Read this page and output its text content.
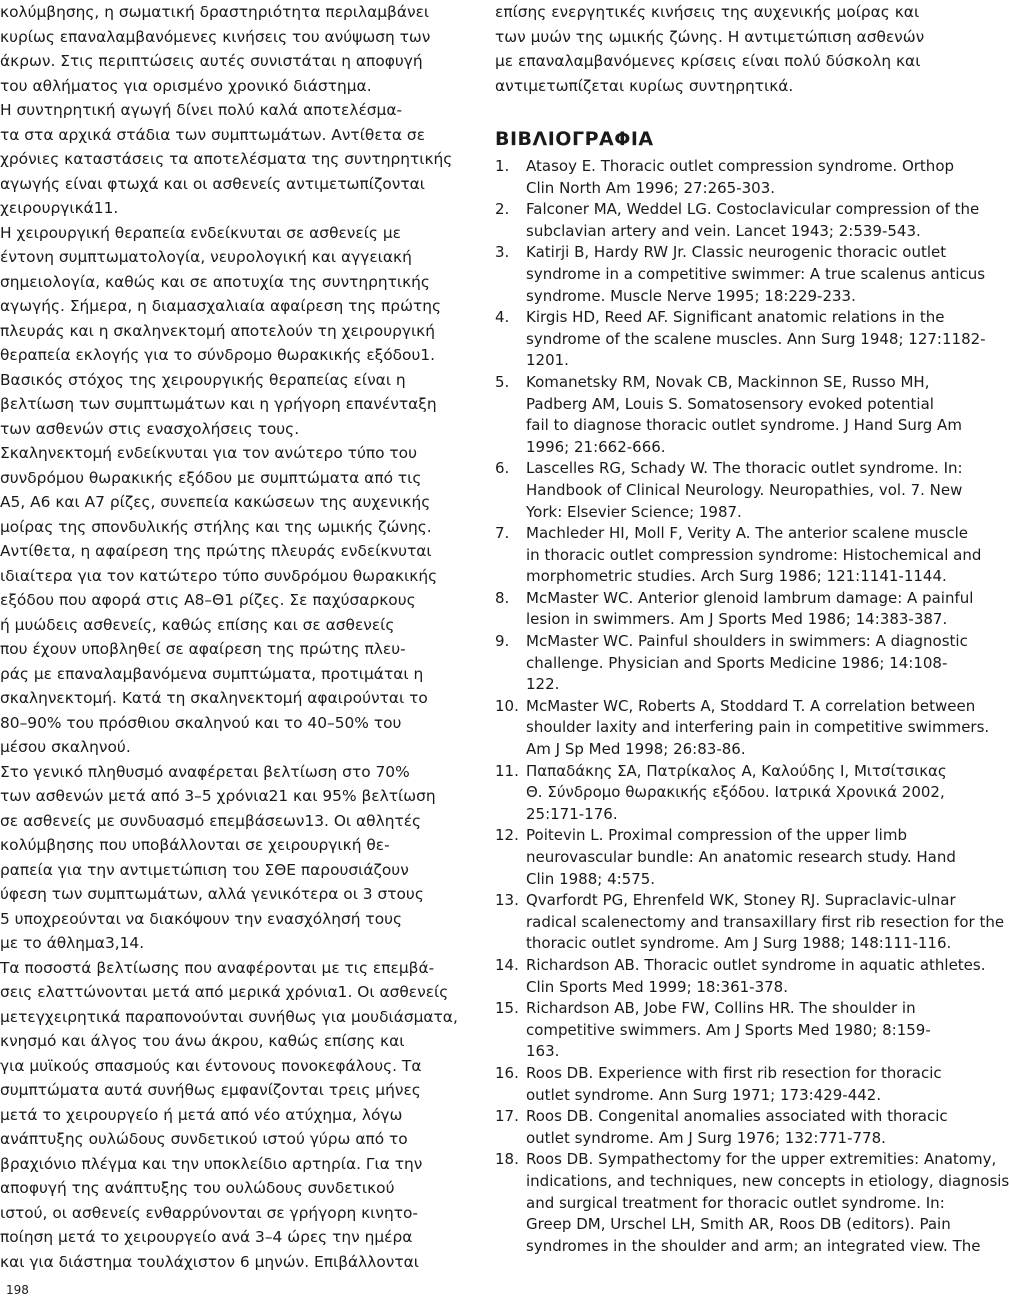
κολύμβησης, η σωματική δραστηριότητα περιλαμβάνει
κυρίως επαναλαμβανόμενες κινήσεις του ανύψωση των
άκρων. Στις περιπτώσεις αυτές συνιστάται η αποφυγή
του αθλήματος για ορισμένο χρονικό διάστημα.
Η συντηρητική αγωγή δίνει πολύ καλά αποτελέσμα-
τα στα αρχικά στάδια των συμπτωμάτων. Αντίθετα σε
χρόνιες καταστάσεις τα αποτελέσματα της συντηρητικής
αγωγής είναι φτωχά και οι ασθενείς αντιμετωπίζονται
χειρουργικά11.
Η χειρουργική θεραπεία ενδείκνυται σε ασθενείς με
έντονη συμπτωματολογία, νευρολογική και αγγειακή
σημειολογία, καθώς και σε αποτυχία της συντηρητικής
αγωγής. Σήμερα, η διαμασχαλιαία αφαίρεση της πρώτης
πλευράς και η σκαληνεκτομή αποτελούν τη χειρουργική
θεραπεία εκλογής για το σύνδρομο θωρακικής εξόδου1.
Βασικός στόχος της χειρουργικής θεραπείας είναι η
βελτίωση των συμπτωμάτων και η γρήγορη επανένταξη
των ασθενών στις ενασχολήσεις τους.
Σκαληνεκτομή ενδείκνυται για τον ανώτερο τύπο του
συνδρόμου θωρακικής εξόδου με συμπτώματα από τις
Α5, Α6 και Α7 ρίζες, συνεπεία κακώσεων της αυχενικής
μοίρας της σπονδυλικής στήλης και της ωμικής ζώνης.
Αντίθετα, η αφαίρεση της πρώτης πλευράς ενδείκνυται
ιδιαίτερα για τον κατώτερο τύπο συνδρόμου θωρακικής
εξόδου που αφορά στις Α8–Θ1 ρίζες. Σε παχύσαρκους
ή μυώδεις ασθενείς, καθώς επίσης και σε ασθενείς
που έχουν υποβληθεί σε αφαίρεση της πρώτης πλευ-
ράς με επαναλαμβανόμενα συμπτώματα, προτιμάται η
σκαληνεκτομή. Κατά τη σκαληνεκτομή αφαιρούνται το
80–90% του πρόσθιου σκαληνού και το 40–50% του
μέσου σκαληνού.
Στο γενικό πληθυσμό αναφέρεται βελτίωση στο 70%
των ασθενών μετά από 3–5 χρόνια21 και 95% βελτίωση
σε ασθενείς με συνδυασμό επεμβάσεων13. Οι αθλητές
κολύμβησης που υποβάλλονται σε χειρουργική θε-
ραπεία για την αντιμετώπιση του ΣΘΕ παρουσιάζουν
ύφεση των συμπτωμάτων, αλλά γενικότερα οι 3 στους
5 υποχρεούνται να διακόψουν την ενασχόλησή τους
με το άθλημα3,14.
Τα ποσοστά βελτίωσης που αναφέρονται με τις επεμβά-
σεις ελαττώνονται μετά από μερικά χρόνια1. Οι ασθενείς
μετεγχειρητικά παραπονούνται συνήθως για μουδιάσματα,
κνησμό και άλγος του άνω άκρου, καθώς επίσης και
για μυϊκούς σπασμούς και έντονους πονοκεφάλους. Τα
συμπτώματα αυτά συνήθως εμφανίζονται τρεις μήνες
μετά το χειρουργείο ή μετά από νέο ατύχημα, λόγω
ανάπτυξης ουλώδους συνδετικού ιστού γύρω από το
βραχιόνιο πλέγμα και την υποκλείδιο αρτηρία. Για την
αποφυγή της ανάπτυξης του ουλώδους συνδετικού
ιστού, οι ασθενείς ενθαρρύνονται σε γρήγορη κινητο-
ποίηση μετά το χειρουργείο ανά 3–4 ώρες την ημέρα
και για διάστημα τουλάχιστον 6 μηνών. Επιβάλλονται
επίσης ενεργητικές κινήσεις της αυχενικής μοίρας και
των μυών της ωμικής ζώνης. Η αντιμετώπιση ασθενών
με επαναλαμβανόμενες κρίσεις είναι πολύ δύσκολη και
αντιμετωπίζεται κυρίως συντηρητικά.
ΒΙΒΛΙΟΓΡΑΦΙΑ
1. Atasoy E. Thoracic outlet compression syndrome. Orthop
Clin North Am 1996; 27:265-303.
2. Falconer MA, Weddel LG. Costoclavicular compression of the
subclavian artery and vein. Lancet 1943; 2:539-543.
3. Katirji B, Hardy RW Jr. Classic neurogenic thoracic outlet
syndrome in a competitive swimmer: A true scalenus anticus
syndrome. Muscle Nerve 1995; 18:229-233.
4. Kirgis HD, Reed AF. Significant anatomic relations in the
syndrome of the scalene muscles. Ann Surg 1948; 127:1182-
1201.
5. Komanetsky RM, Novak CB, Mackinnon SE, Russo MH,
Padberg AM, Louis S. Somatosensory evoked potential
fail to diagnose thoracic outlet syndrome. J Hand Surg Am
1996; 21:662-666.
6. Lascelles RG, Schady W. The thoracic outlet syndrome. In:
Handbook of Clinical Neurology. Neuropathies, vol. 7. New
York: Elsevier Science; 1987.
7. Machleder HI, Moll F, Verity A. The anterior scalene muscle
in thoracic outlet compression syndrome: Histochemical and
morphometric studies. Arch Surg 1986; 121:1141-1144.
8. McMaster WC. Anterior glenoid lambrum damage: A painful
lesion in swimmers. Am J Sports Med 1986; 14:383-387.
9. McMaster WC. Painful shoulders in swimmers: A diagnostic
challenge. Physician and Sports Medicine 1986; 14:108-
122.
10. McMaster WC, Roberts A, Stoddard T. A correlation between
shoulder laxity and interfering pain in competitive swimmers.
Am J Sp Med 1998; 26:83-86.
11. Παπαδάκης ΣΑ, Πατρίκαλος Α, Καλούδης Ι, Μιτσίτσικας
Θ. Σύνδρομο θωρακικής εξόδου. Ιατρικά Χρονικά 2002,
25:171-176.
12. Poitevin L. Proximal compression of the upper limb
neurovascular bundle: An anatomic research study. Hand
Clin 1988; 4:575.
13. Qvarfordt PG, Ehrenfeld WK, Stoney RJ. Supraclavic-ulnar
radical scalenectomy and transaxillary first rib resection for the
thoracic outlet syndrome. Am J Surg 1988; 148:111-116.
14. Richardson AB. Thoracic outlet syndrome in aquatic athletes.
Clin Sports Med 1999; 18:361-378.
15. Richardson AB, Jobe FW, Collins HR. The shoulder in
competitive swimmers. Am J Sports Med 1980; 8:159-
163.
16. Roos DB. Experience with first rib resection for thoracic
outlet syndrome. Ann Surg 1971; 173:429-442.
17. Roos DB. Congenital anomalies associated with thoracic
outlet syndrome. Am J Surg 1976; 132:771-778.
18. Roos DB. Sympathectomy for the upper extremities: Anatomy,
indications, and techniques, new concepts in etiology, diagnosis
and surgical treatment for thoracic outlet syndrome. In:
Greep DM, Urschel LH, Smith AR, Roos DB (editors). Pain
syndromes in the shoulder and arm; an integrated view. The
198
